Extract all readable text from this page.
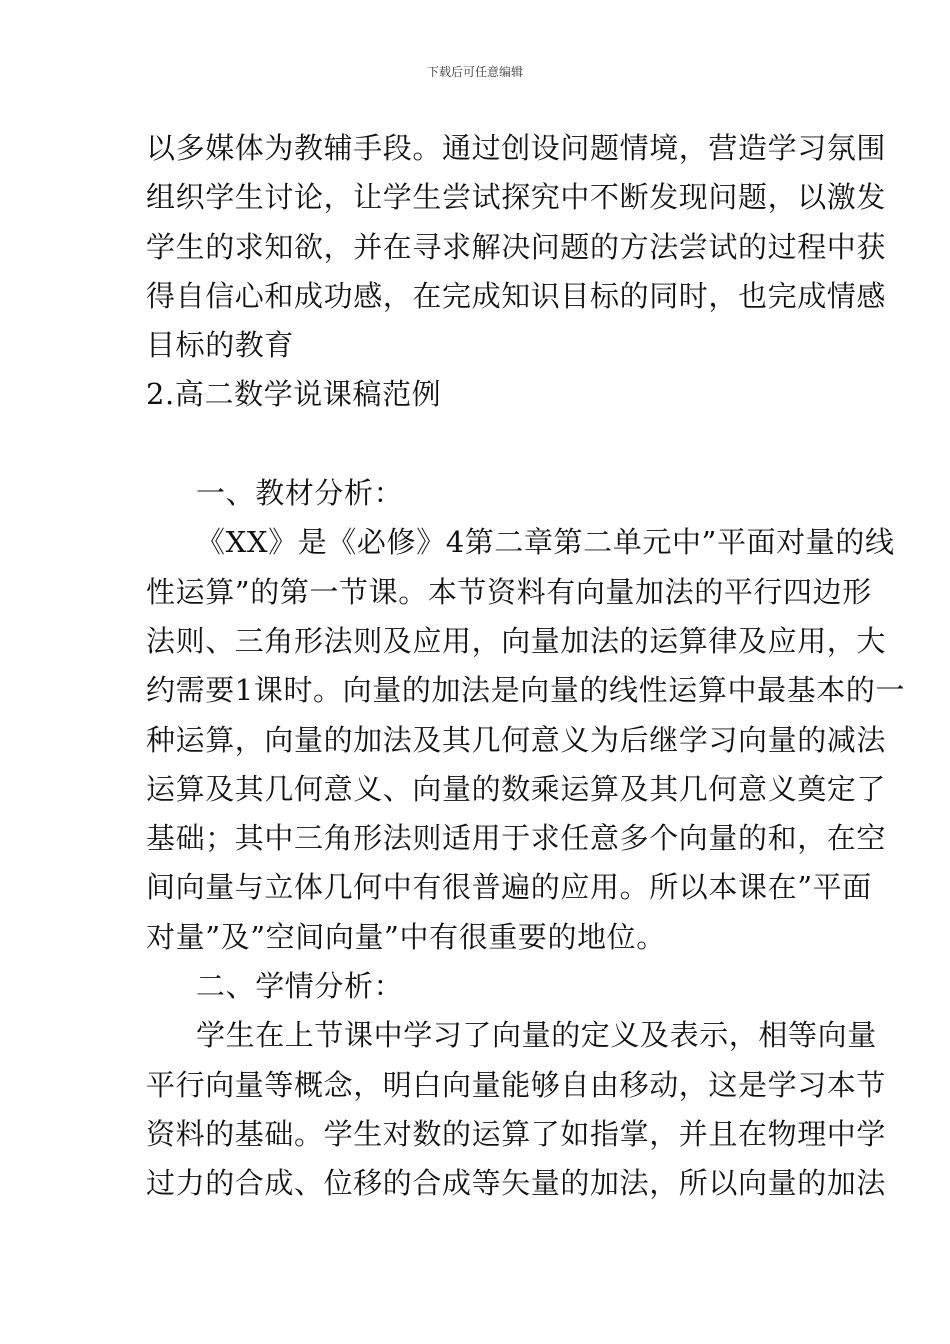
下载后可任意编辑
以多媒体为教辅手段。通过创设问题情境，营造学习氛围
组织学生讨论，让学生尝试探究中不断发现问题，以激发
学生的求知欲，并在寻求解决问题的方法尝试的过程中获
得自信心和成功感，在完成知识目标的同时，也完成情感
目标的教育
2.高二数学说课稿范例
一、教材分析：
《XX》是《必修》4第二章第二单元中”平面对量的线
性运算”的第一节课。本节资料有向量加法的平行四边形
法则、三角形法则及应用，向量加法的运算律及应用，大
约需要1课时。向量的加法是向量的线性运算中最基本的一
种运算，向量的加法及其几何意义为后继学习向量的减法
运算及其几何意义、向量的数乘运算及其几何意义奠定了
基础；其中三角形法则适用于求任意多个向量的和，在空
间向量与立体几何中有很普遍的应用。所以本课在”平面
对量”及”空间向量”中有很重要的地位。
二、学情分析：
学生在上节课中学习了向量的定义及表示，相等向量
平行向量等概念，明白向量能够自由移动，这是学习本节
资料的基础。学生对数的运算了如指掌，并且在物理中学
过力的合成、位移的合成等矢量的加法，所以向量的加法
